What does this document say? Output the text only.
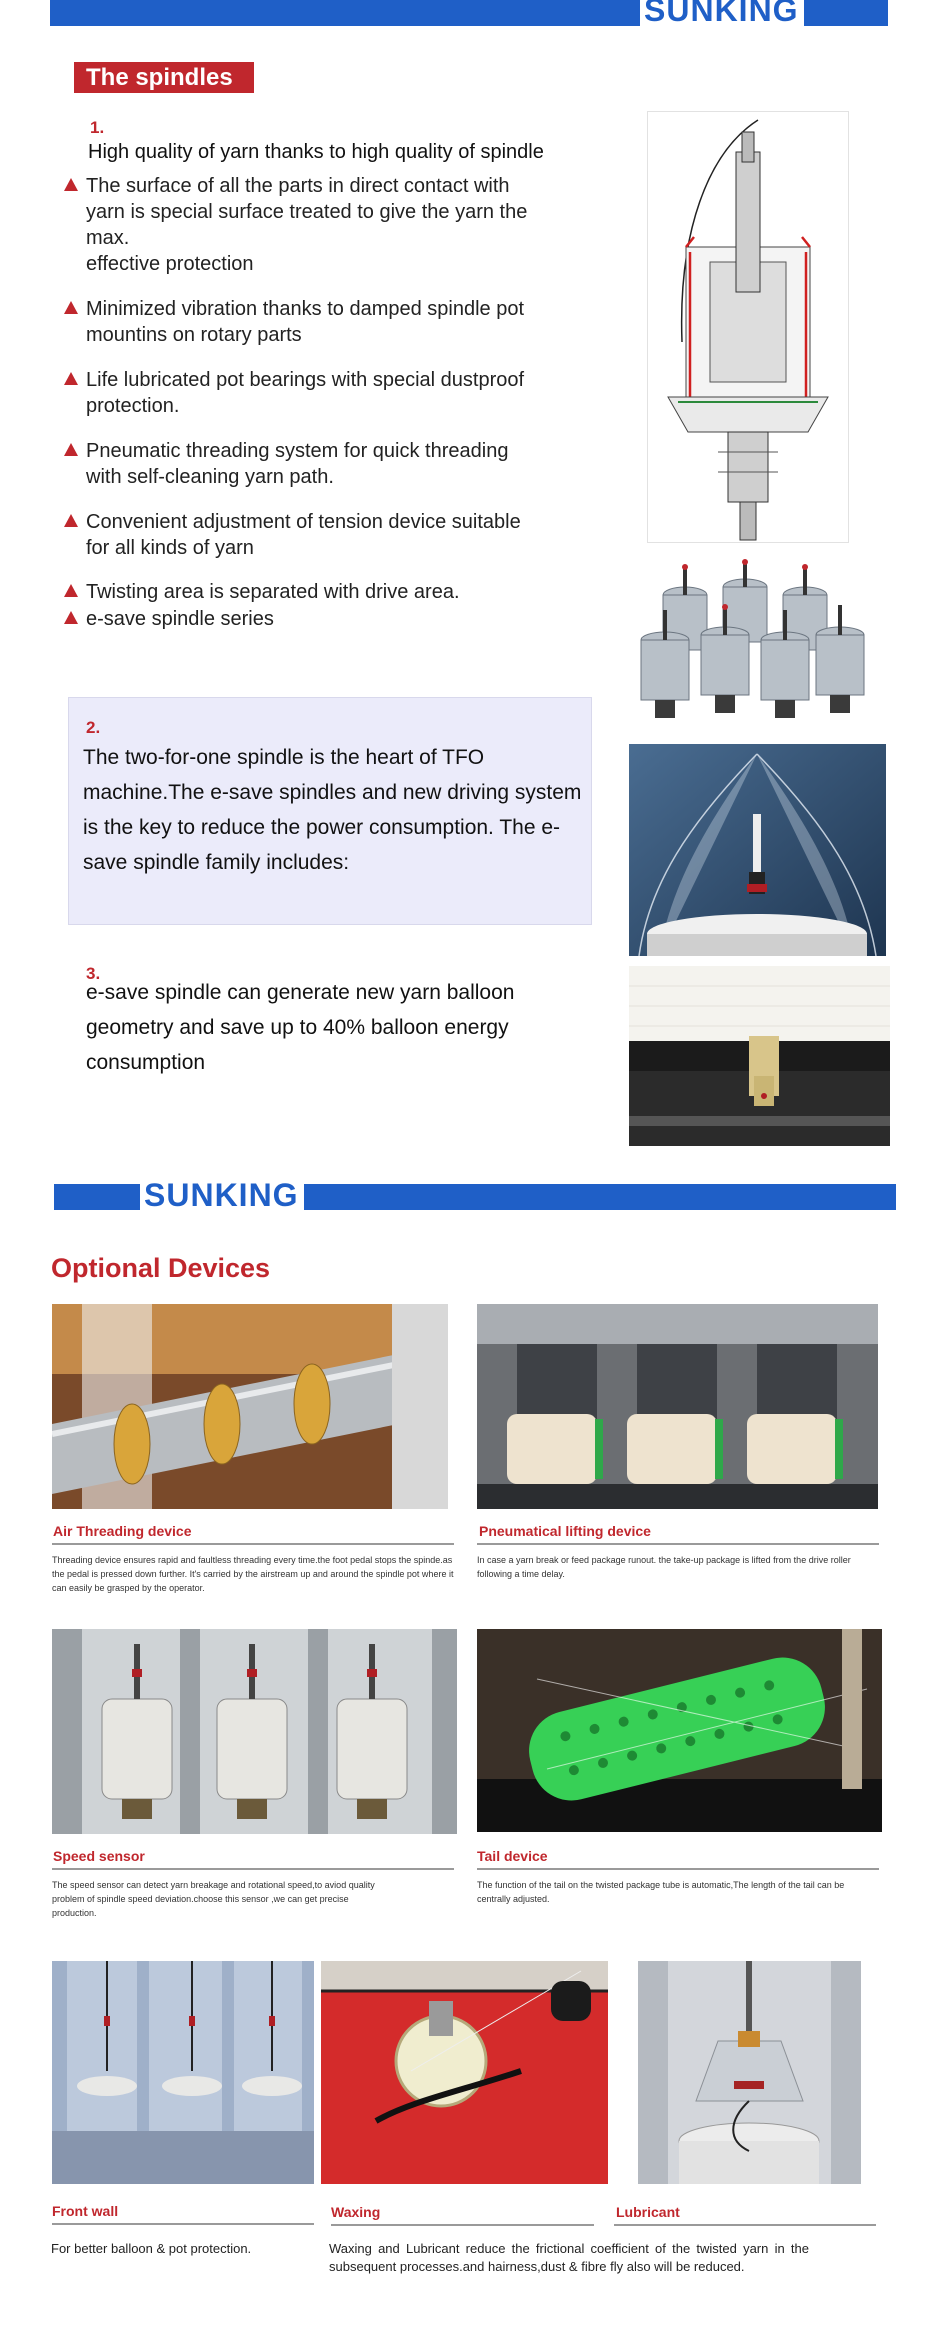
SUNKING
The spindles
1.
High quality of yarn thanks to high quality of spindle
The surface of all the parts in direct contact with
yarn is special surface treated to give the yarn the
max.
effective protection
Minimized vibration thanks to damped spindle pot
mountins on rotary parts
Life lubricated pot bearings with special dustproof
protection.
Pneumatic threading system for quick threading
with self-cleaning yarn path.
Convenient adjustment of tension device suitable
for all kinds of yarn
Twisting area is separated with drive area.
e-save spindle series
2.
The two-for-one spindle is the heart of TFO machine.The e-save spindles and new driving system is the key to reduce the power consumption. The e-save spindle family includes:
3.
e-save spindle can generate new yarn balloon geometry and save up to 40% balloon energy consumption
SUNKING
Optional Devices
Air Threading device
Threading device ensures rapid and faultless threading every time.the foot pedal stops the spinde.as the pedal is pressed down further. It's carried by the airstream up and around the spindle pot where it can easily be grasped by the operator.
Pneumatical lifting device
In case a yarn break or feed package runout. the take-up package is lifted from the drive roller following a time delay.
Speed sensor
The speed sensor can detect yarn breakage and rotational speed,to aviod quality problem of spindle speed deviation.choose this sensor ,we can get precise production.
Tail device
The function of the tail on the twisted package tube is automatic,The length of the tail can be centrally adjusted.
Front wall
For better balloon & pot protection.
Waxing
Waxing and Lubricant reduce the frictional coefficient of the twisted yarn in the subsequent processes.and hairness,dust & fibre fly also will be reduced.
Lubricant
